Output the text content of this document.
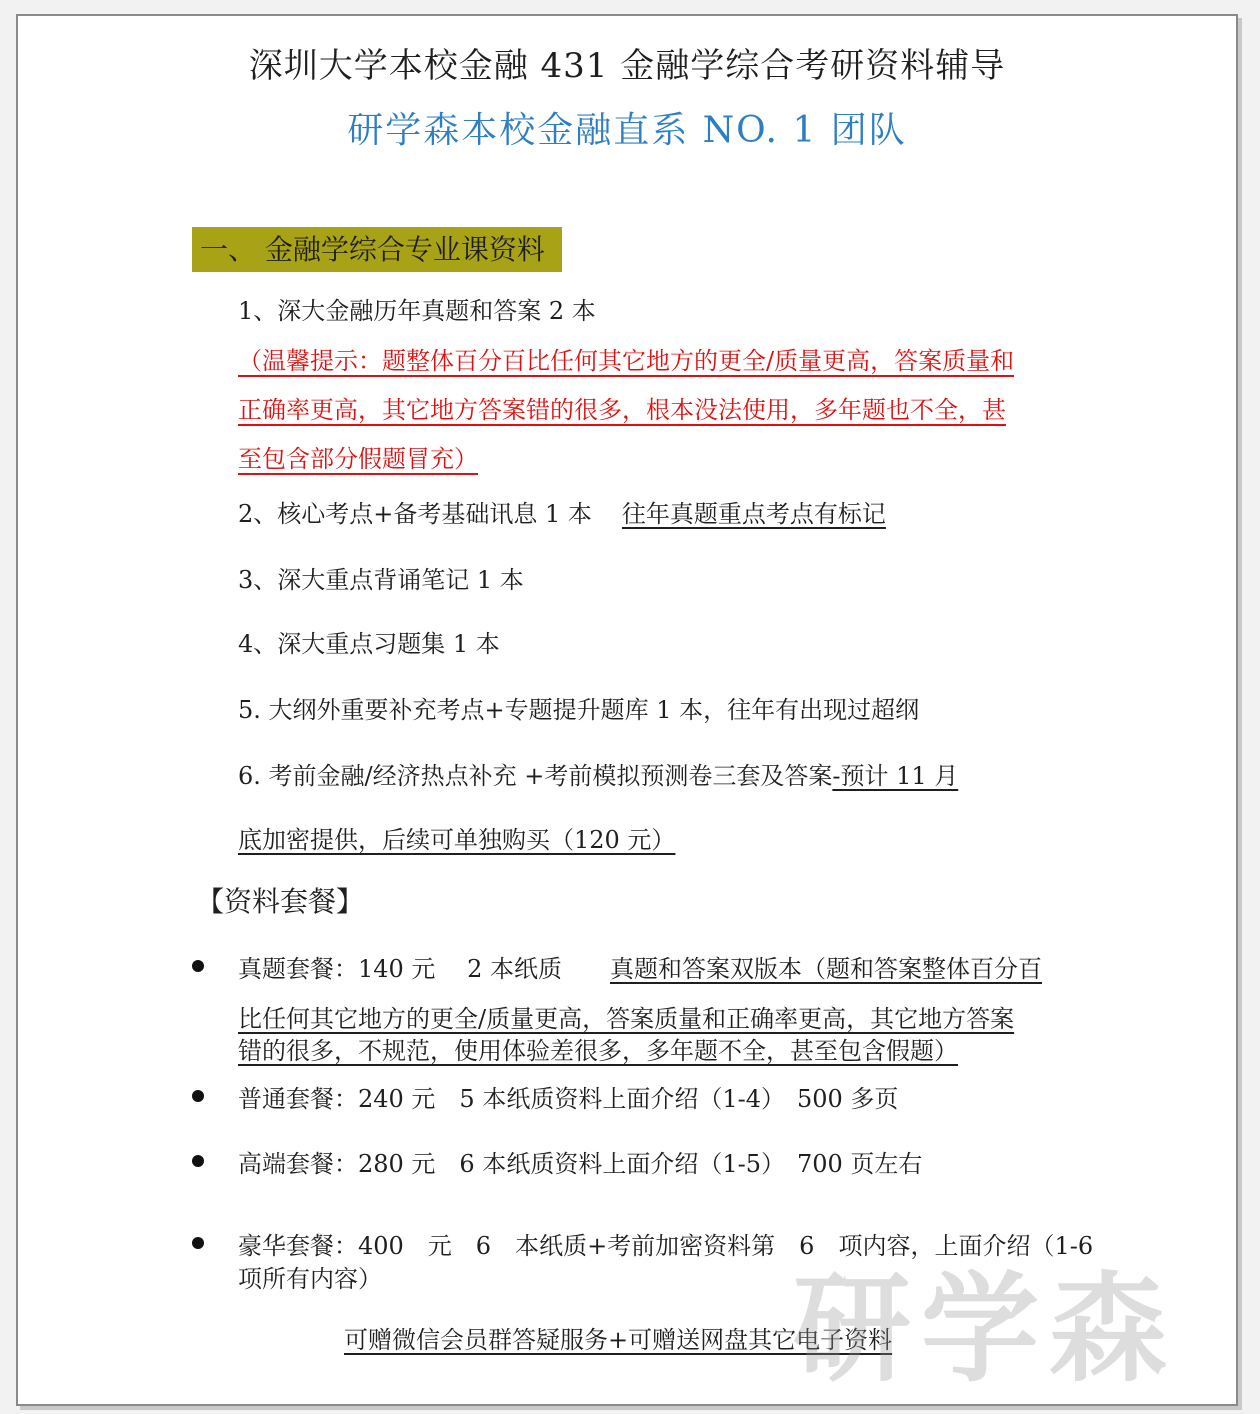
深圳大学本校金融 431 金融学综合考研资料辅导
研学森本校金融直系 NO. 1 团队
一、 金融学综合专业课资料
1、深大金融历年真题和答案 2 本
（温馨提示：题整体百分百比任何其它地方的更全/质量更高，答案质量和
正确率更高，其它地方答案错的很多，根本没法使用，多年题也不全，甚
至包含部分假题冒充）
2、核心考点+备考基础讯息 1 本 往年真题重点考点有标记
3、深大重点背诵笔记 1 本
4、深大重点习题集 1 本
5. 大纲外重要补充考点+专题提升题库 1 本，往年有出现过超纲
6. 考前金融/经济热点补充 +考前模拟预测卷三套及答案-预计 11 月
底加密提供，后续可单独购买（120 元）
【资料套餐】
真题套餐：140 元　 2 本纸质 真题和答案双版本（题和答案整体百分百
比任何其它地方的更全/质量更高，答案质量和正确率更高，其它地方答案
错的很多，不规范，使用体验差很多，多年题不全，甚至包含假题）
普通套餐：240 元　5 本纸质资料上面介绍（1-4）　500 多页
高端套餐：280 元　6 本纸质资料上面介绍（1-5）　700 页左右
豪华套餐：400　元　6　本纸质+考前加密资料第　6　项内容，上面介绍（1-6
项所有内容）
可赠微信会员群答疑服务+可赠送网盘其它电子资料
研学森
